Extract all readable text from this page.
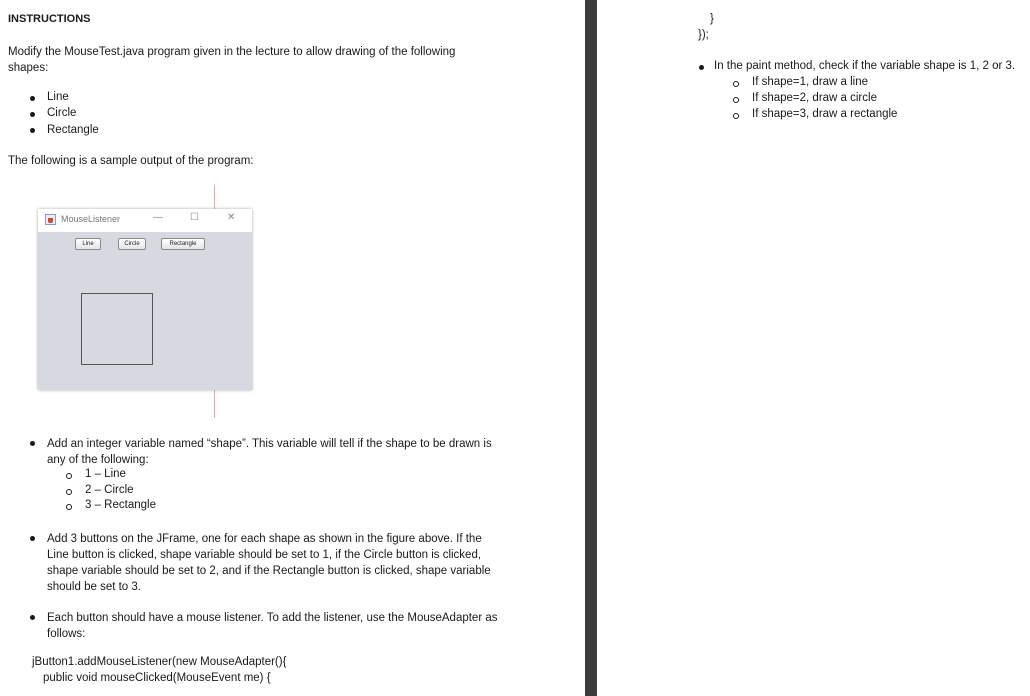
INSTRUCTIONS
Modify the MouseTest.java program given in the lecture to allow drawing of the following
shapes:
Line
Circle
Rectangle
The following is a sample output of the program:
MouseListener	—	☐	✕
Line	Circle	Rectangle
Add an integer variable named “shape”. This variable will tell if the shape to be drawn is
any of the following:
1 – Line
2 – Circle
3 – Rectangle
Add 3 buttons on the JFrame, one for each shape as shown in the figure above. If the
Line button is clicked, shape variable should be set to 1, if the Circle button is clicked,
shape variable should be set to 2, and if the Rectangle button is clicked, shape variable
should be set to 3.
Each button should have a mouse listener. To add the listener, use the MouseAdapter as
follows:
jButton1.addMouseListener(new MouseAdapter(){
public void mouseClicked(MouseEvent me) {
}
});
In the paint method, check if the variable shape is 1, 2 or 3.
If shape=1, draw a line
If shape=2, draw a circle
If shape=3, draw a rectangle
